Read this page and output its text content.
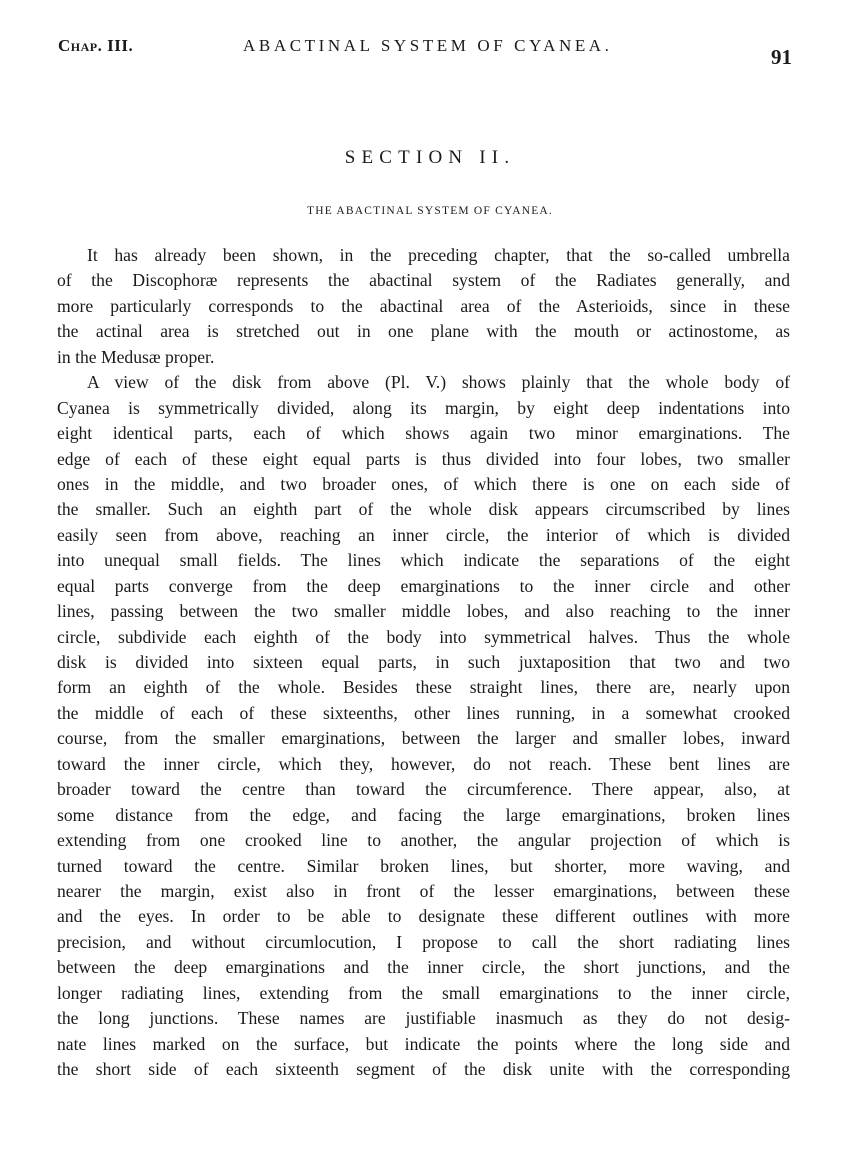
Chap. III.	ABACTINAL SYSTEM OF CYANEA.	91
SECTION II.
THE ABACTINAL SYSTEM OF CYANEA.
It has already been shown, in the preceding chapter, that the so-called umbrella
of the Discophoræ represents the abactinal system of the Radiates generally, and
more particularly corresponds to the abactinal area of the Asterioids, since in these
the actinal area is stretched out in one plane with the mouth or actinostome, as
in the Medusæ proper.
A view of the disk from above (Pl. V.) shows plainly that the whole body of
Cyanea is symmetrically divided, along its margin, by eight deep indentations into
eight identical parts, each of which shows again two minor emarginations. The
edge of each of these eight equal parts is thus divided into four lobes, two smaller
ones in the middle, and two broader ones, of which there is one on each side of
the smaller. Such an eighth part of the whole disk appears circumscribed by lines
easily seen from above, reaching an inner circle, the interior of which is divided
into unequal small fields. The lines which indicate the separations of the eight
equal parts converge from the deep emarginations to the inner circle and other
lines, passing between the two smaller middle lobes, and also reaching to the inner
circle, subdivide each eighth of the body into symmetrical halves. Thus the whole
disk is divided into sixteen equal parts, in such juxtaposition that two and two
form an eighth of the whole. Besides these straight lines, there are, nearly upon
the middle of each of these sixteenths, other lines running, in a somewhat crooked
course, from the smaller emarginations, between the larger and smaller lobes, inward
toward the inner circle, which they, however, do not reach. These bent lines are
broader toward the centre than toward the circumference. There appear, also, at
some distance from the edge, and facing the large emarginations, broken lines
extending from one crooked line to another, the angular projection of which is
turned toward the centre. Similar broken lines, but shorter, more waving, and
nearer the margin, exist also in front of the lesser emarginations, between these
and the eyes. In order to be able to designate these different outlines with more
precision, and without circumlocution, I propose to call the short radiating lines
between the deep emarginations and the inner circle, the short junctions, and the
longer radiating lines, extending from the small emarginations to the inner circle,
the long junctions. These names are justifiable inasmuch as they do not desig-
nate lines marked on the surface, but indicate the points where the long side and
the short side of each sixteenth segment of the disk unite with the corresponding
